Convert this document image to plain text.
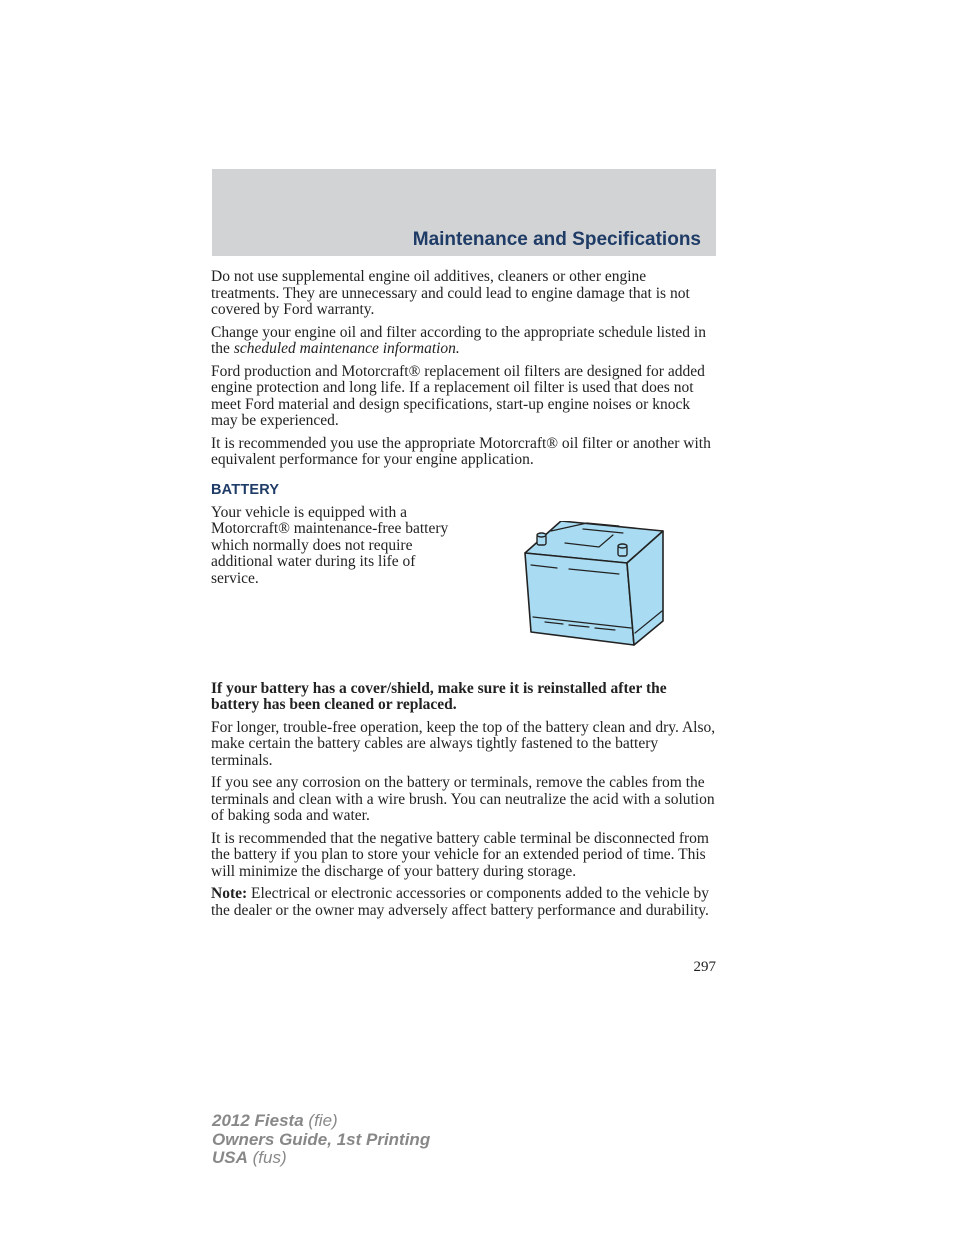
Maintenance and Specifications

Do not use supplemental engine oil additives, cleaners or other engine treatments. They are unnecessary and could lead to engine damage that is not covered by Ford warranty.

Change your engine oil and filter according to the appropriate schedule listed in the scheduled maintenance information.

Ford production and Motorcraft® replacement oil filters are designed for added engine protection and long life. If a replacement oil filter is used that does not meet Ford material and design specifications, start-up engine noises or knock may be experienced.

It is recommended you use the appropriate Motorcraft® oil filter or another with equivalent performance for your engine application.

BATTERY

Your vehicle is equipped with a Motorcraft® maintenance-free battery which normally does not require additional water during its life of service.

If your battery has a cover/shield, make sure it is reinstalled after the battery has been cleaned or replaced.

For longer, trouble-free operation, keep the top of the battery clean and dry. Also, make certain the battery cables are always tightly fastened to the battery terminals.

If you see any corrosion on the battery or terminals, remove the cables from the terminals and clean with a wire brush. You can neutralize the acid with a solution of baking soda and water.

It is recommended that the negative battery cable terminal be disconnected from the battery if you plan to store your vehicle for an extended period of time. This will minimize the discharge of your battery during storage.

Note: Electrical or electronic accessories or components added to the vehicle by the dealer or the owner may adversely affect battery performance and durability.

297
2012 Fiesta (fie)
Owners Guide, 1st Printing
USA (fus)
